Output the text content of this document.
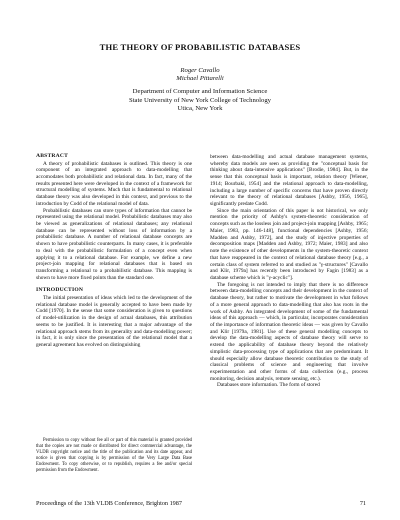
THE THEORY OF PROBABILISTIC DATABASES
Roger Cavallo
Michael Pittarelli
Department of Computer and Information Science
State University of New York College of Technology
Utica, New York
ABSTRACT

A theory of probabilistic databases is outlined. This theory is one component of an integrated approach to data-modelling that accomodates both probabilistic and relational data. In fact, many of the results presented here were developed in the context of a framework for structural modelling of systems. Much that is fundamental to relational database theory was also developed in this context, and previous to the introduction by Codd of the relational model of data.

Probabilistic databases can store types of information that cannot be represented using the relational model. Probabilistic databases may also be viewed as generalizations of relational databases; any relational database can be represented without loss of information by a probabilistic database. A number of relational database concepts are shown to have probabilistic counterparts. In many cases, it is preferable to deal with the probabilistic formulation of a concept even when applying it to a relational database. For example, we define a new project-join mapping for relational databases that is based on transforming a relational to a probabilistic database. This mapping is shown to have more fixed points than the standard one.

INTRODUCTION

The initial presentation of ideas which led to the development of the relational database model is generally accepted to have been made by Codd [1970]. In the sense that some consideration is given to questions of model-utilization in the design of actual databases, this attribution seems to be justified. It is interesting that a major advantage of the relational approach stems from its generality and data-modelling power; in fact, it is only since the presentation of the relational model that a general agreement has evolved on distinguishing

between data-modelling and actual database management systems, whereby data models are seen as providing the "conceptual basis for thinking about data-intensive applications" [Brodie, 1984]. But, in the sense that this conceptual basis is important, relation theory [Wiener, 1914; Bourbaki, 1954] and the relational approach to data-modelling, including a large number of specific concerns that have proven directly relevant to the theory of relational databases [Ashby, 1956, 1965], significantly predate Codd.

Since the main orientation of this paper is not historical, we only mention the priority of Ashby's system-theoretic consideration of concepts such as the lossless join and project-join mapping [Ashby, 1965; Maier, 1983, pp. 146-148], functional dependencies [Ashby, 1956; Madden and Ashby, 1972], and the study of injective properties of decomposition maps [Madden and Ashby, 1972; Maier, 1983] and also note the existence of other developments in the system-theoretic context that have reappeared in the context of relational database theory [e.g., a certain class of system referred to and studied as "γ-structures" [Cavallo and Klir, 1979a] has recently been introduced by Fagin [1983] as a database scheme which is "γ-acyclic"].

The foregoing is not intended to imply that there is no difference between data-modelling concepts and their development in the context of database theory, but rather to motivate the development in what follows of a more general approach to data-modelling that also has roots in the work of Ashby. An integrated development of some of the fundamental ideas of this approach — which, in particular, incorporates consideration of the importance of information theoretic ideas — was given by Cavallo and Klir [1979a, 1981]. Use of these general modelling concepts to develop the data-modelling aspects of database theory will serve to extend the applicability of database theory beyond the relatively simplistic data-processing type of applications that are predominant. It should especially allow database theoretic contribution to the study of classical problems of science and engineering that involve experimentation and other forms of data collection (e.g., process monitoring, decision analysis, remote sensing, etc.).

Databases store information. The form of stored

Permission to copy without fee all or part of this material is granted provided that the copies are not made or distributed for direct commercial advantage, the VLDB copyright notice and the title of the publication and its date appear, and notice is given that copying is by permission of the Very Large Data Base Endowment. To copy otherwise, or to republish, requires a fee and/or special permission from the Endowment.
Proceedings of the 13th VLDB Conference, Brighton 1987	71
